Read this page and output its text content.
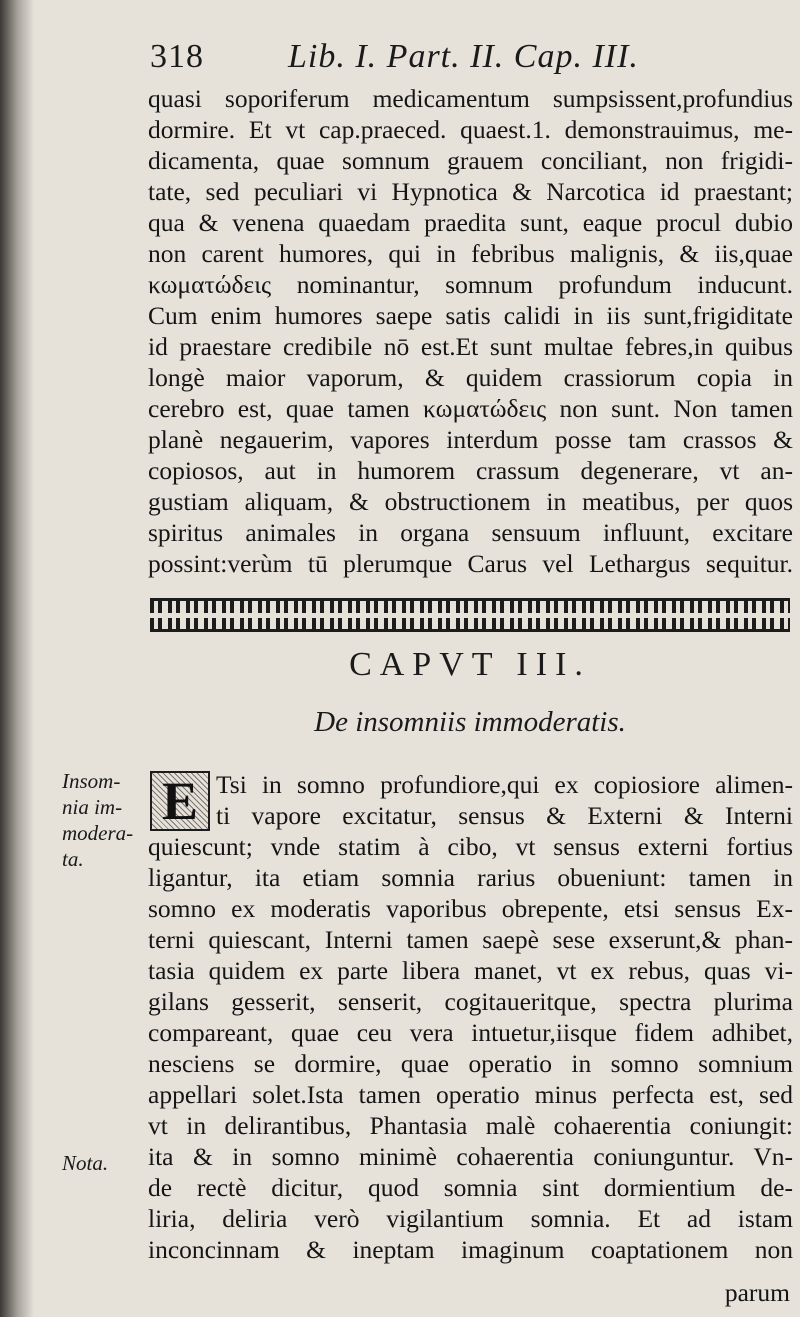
318 Lib. I. Part. II. Cap. III.
quasi soporiferum medicamentum sumpsissent,profundius
dormire. Et vt cap.praeced. quaest.1. demonstrauimus, me-
dicamenta, quae somnum grauem conciliant, non frigidi-
tate, sed peculiari vi Hypnotica & Narcotica id praestant;
qua & venena quaedam praedita sunt, eaque procul dubio
non carent humores, qui in febribus malignis, & iis,quae
κωματώδεις nominantur, somnum profundum inducunt.
Cum enim humores saepe satis calidi in iis sunt,frigiditate
id praestare credibile nō est.Et sunt multae febres,in quibus
longè maior vaporum, & quidem crassiorum copia in
cerebro est, quae tamen κωματώδεις non sunt. Non tamen
planè negauerim, vapores interdum posse tam crassos &
copiosos, aut in humorem crassum degenerare, vt an-
gustiam aliquam, & obstructionem in meatibus, per quos
spiritus animales in organa sensuum influunt, excitare
possint:verùm tū plerumque Carus vel Lethargus sequitur.
CAPVT III.
De insomniis immoderatis.
Insom-
nia im-
modera-
ta.
E Tsi in somno profundiore,qui ex copiosiore alimen-
ti vapore excitatur, sensus & Externi & Interni
quiescunt; vnde statim à cibo, vt sensus externi fortius
ligantur, ita etiam somnia rarius obueniunt: tamen in
somno ex moderatis vaporibus obrepente, etsi sensus Ex-
terni quiescant, Interni tamen saepè sese exserunt,& phan-
tasia quidem ex parte libera manet, vt ex rebus, quas vi-
gilans gesserit, senserit, cogitaueritque, spectra plurima
compareant, quae ceu vera intuetur,iisque fidem adhibet,
nesciens se dormire, quae operatio in somno somnium
appellari solet.Ista tamen operatio minus perfecta est, sed
vt in delirantibus, Phantasia malè cohaerentia coniungit:
ita & in somno minimè cohaerentia coniunguntur. Vn-
de rectè dicitur, quod somnia sint dormientium de-
liria, deliria verò vigilantium somnia. Et ad istam
inconcinnam & ineptam imaginum coaptationem non
Nota.
parum
